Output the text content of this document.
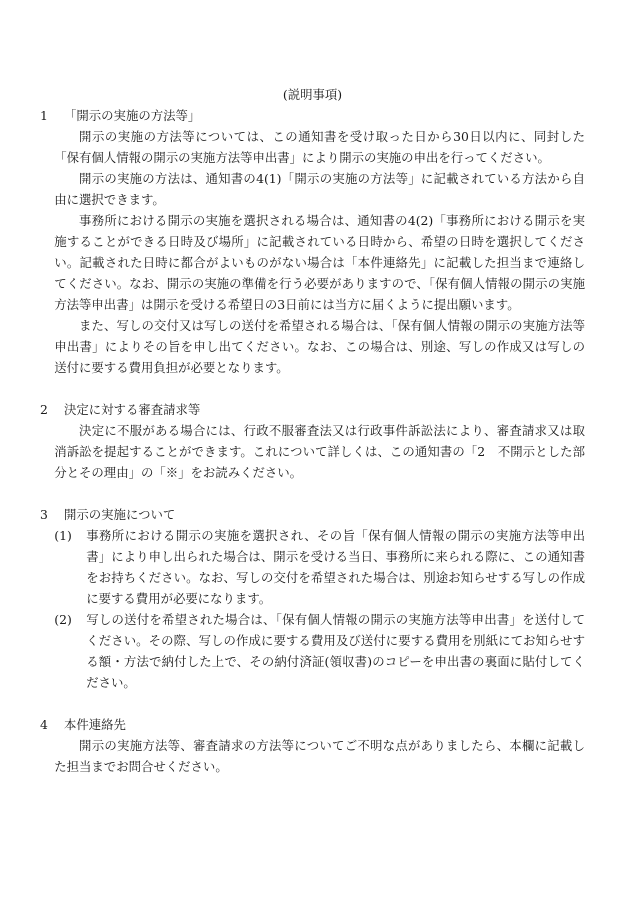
(説明事項)
1	「開示の実施の方法等」

開示の実施の方法等については、この通知書を受け取った日から30日以内に、同封した「保有個人情報の開示の実施方法等申出書」により開示の実施の申出を行ってください。

開示の実施の方法は、通知書の4(1)「開示の実施の方法等」に記載されている方法から自由に選択できます。

事務所における開示の実施を選択される場合は、通知書の4(2)「事務所における開示を実施することができる日時及び場所」に記載されている日時から、希望の日時を選択してください。記載された日時に都合がよいものがない場合は「本件連絡先」に記載した担当まで連絡してください。なお、開示の実施の準備を行う必要がありますので、「保有個人情報の開示の実施方法等申出書」は開示を受ける希望日の3日前には当方に届くように提出願います。

また、写しの交付又は写しの送付を希望される場合は、「保有個人情報の開示の実施方法等申出書」によりその旨を申し出てください。なお、この場合は、別途、写しの作成又は写しの送付に要する費用負担が必要となります。

2	決定に対する審査請求等

決定に不服がある場合には、行政不服審査法又は行政事件訴訟法により、審査請求又は取消訴訟を提起することができます。これについて詳しくは、この通知書の「2　不開示とした部分とその理由」の「※」をお読みください。

3	開示の実施について
(1)	事務所における開示の実施を選択され、その旨「保有個人情報の開示の実施方法等申出書」により申し出られた場合は、開示を受ける当日、事務所に来られる際に、この通知書をお持ちください。なお、写しの交付を希望された場合は、別途お知らせする写しの作成に要する費用が必要になります。
(2)	写しの送付を希望された場合は、「保有個人情報の開示の実施方法等申出書」を送付してください。その際、写しの作成に要する費用及び送付に要する費用を別紙にてお知らせする額・方法で納付した上で、その納付済証(領収書)のコピーを申出書の裏面に貼付してください。
4	本件連絡先

開示の実施方法等、審査請求の方法等についてご不明な点がありましたら、本欄に記載した担当までお問合せください。
